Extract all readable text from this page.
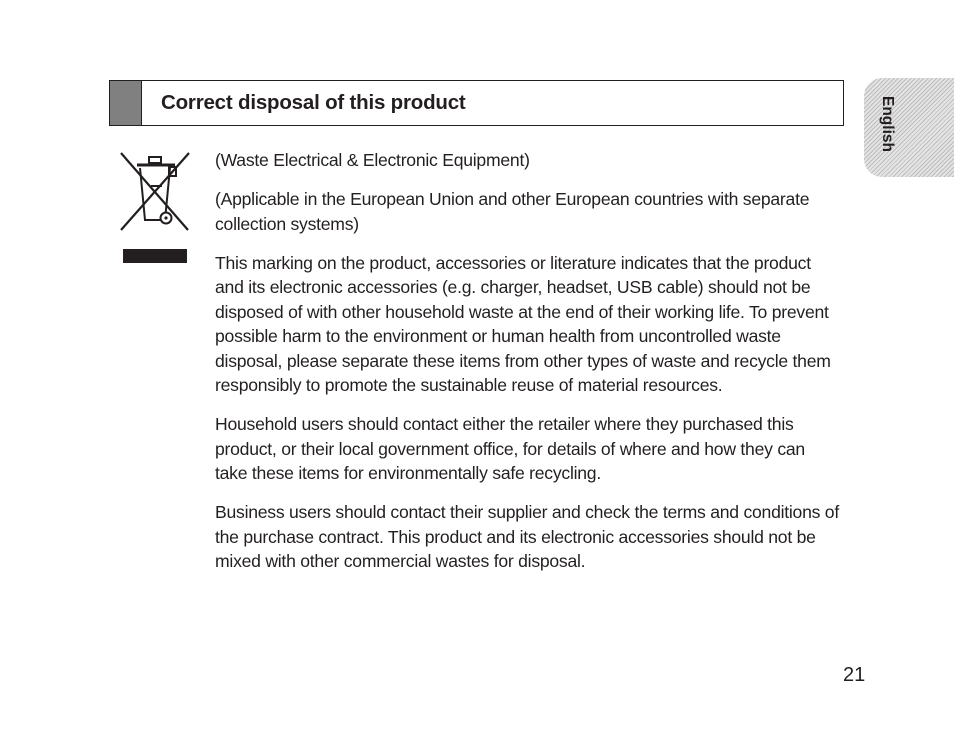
Correct disposal of this product	English

(Waste Electrical & Electronic Equipment)

(Applicable in the European Union and other European countries with separate collection systems)

This marking on the product, accessories or literature indicates that the product and its electronic accessories (e.g. charger, headset, USB cable) should not be disposed of with other household waste at the end of their working life. To prevent possible harm to the environment or human health from uncontrolled waste disposal, please separate these items from other types of waste and recycle them responsibly to promote the sustainable reuse of material resources.

Household users should contact either the retailer where they purchased this product, or their local government office, for details of where and how they can take these items for environmentally safe recycling.

Business users should contact their supplier and check the terms and conditions of the purchase contract. This product and its electronic accessories should not be mixed with other commercial wastes for disposal.

21
